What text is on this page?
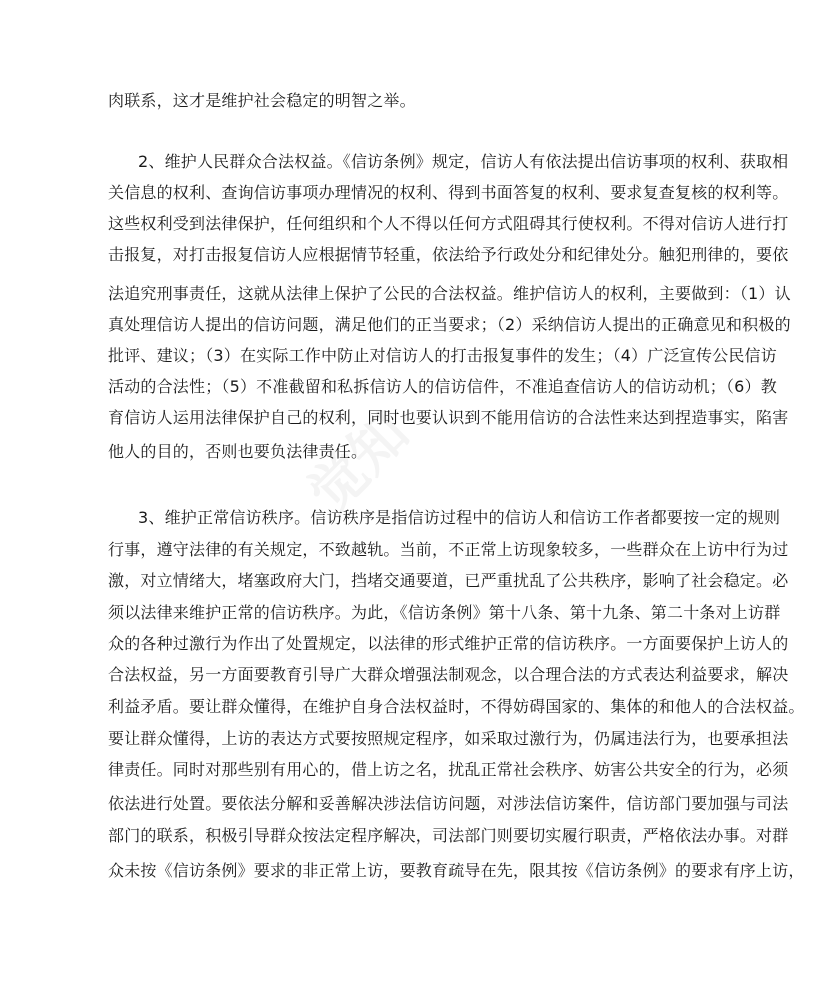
觉知
肉联系，这才是维护社会稳定的明智之举。
2、维护人民群众合法权益。《信访条例》规定，信访人有依法提出信访事项的权利、获取相
关信息的权利、查询信访事项办理情况的权利、得到书面答复的权利、要求复查复核的权利等。
这些权利受到法律保护，任何组织和个人不得以任何方式阻碍其行使权利。不得对信访人进行打
击报复，对打击报复信访人应根据情节轻重，依法给予行政处分和纪律处分。触犯刑律的，要依
法追究刑事责任，这就从法律上保护了公民的合法权益。维护信访人的权利，主要做到：（1）认
真处理信访人提出的信访问题，满足他们的正当要求；（2）采纳信访人提出的正确意见和积极的
批评、建议；（3）在实际工作中防止对信访人的打击报复事件的发生；（4）广泛宣传公民信访
活动的合法性；（5）不准截留和私拆信访人的信访信件，不准追查信访人的信访动机；（6）教
育信访人运用法律保护自己的权利，同时也要认识到不能用信访的合法性来达到捏造事实，陷害
他人的目的，否则也要负法律责任。
3、维护正常信访秩序。信访秩序是指信访过程中的信访人和信访工作者都要按一定的规则
行事，遵守法律的有关规定，不致越轨。当前，不正常上访现象较多，一些群众在上访中行为过
激，对立情绪大，堵塞政府大门，挡堵交通要道，已严重扰乱了公共秩序，影响了社会稳定。必
须以法律来维护正常的信访秩序。为此，《信访条例》第十八条、第十九条、第二十条对上访群
众的各种过激行为作出了处置规定，以法律的形式维护正常的信访秩序。一方面要保护上访人的
合法权益，另一方面要教育引导广大群众增强法制观念，以合理合法的方式表达利益要求，解决
利益矛盾。要让群众懂得，在维护自身合法权益时，不得妨碍国家的、集体的和他人的合法权益。
要让群众懂得，上访的表达方式要按照规定程序，如采取过激行为，仍属违法行为，也要承担法
律责任。同时对那些别有用心的，借上访之名，扰乱正常社会秩序、妨害公共安全的行为，必须
依法进行处置。要依法分解和妥善解决涉法信访问题，对涉法信访案件，信访部门要加强与司法
部门的联系，积极引导群众按法定程序解决，司法部门则要切实履行职责，严格依法办事。对群
众未按《信访条例》要求的非正常上访，要教育疏导在先，限其按《信访条例》的要求有序上访，
